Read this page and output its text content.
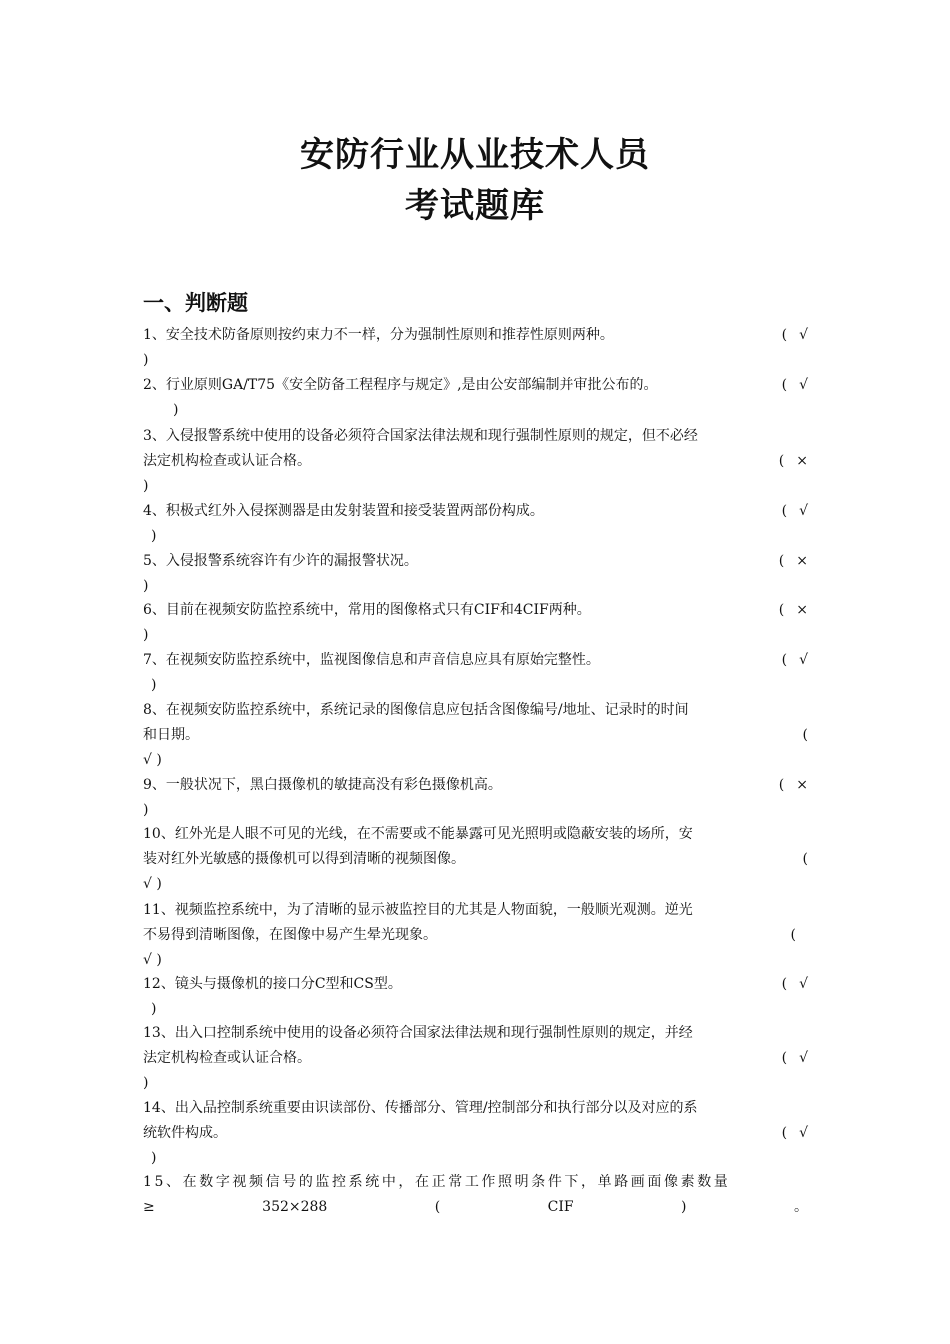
安防行业从业技术人员
考试题库
一、判断题
1、安全技术防备原则按约束力不一样，分为强制性原则和推荐性原则两种。	( √
)
2、行业原则GA/T75《安全防备工程程序与规定》,是由公安部编制并审批公布的。	( √
)
3、入侵报警系统中使用的设备必须符合国家法律法规和现行强制性原则的规定，但不必经
法定机构检查或认证合格。	( ×
)
4、积极式红外入侵探测器是由发射装置和接受装置两部份构成。	( √
)
5、入侵报警系统容许有少许的漏报警状况。	( ×
)
6、目前在视频安防监控系统中，常用的图像格式只有CIF和4CIF两种。	( ×
)
7、在视频安防监控系统中，监视图像信息和声音信息应具有原始完整性。	( √
)
8、在视频安防监控系统中，系统记录的图像信息应包括含图像编号/地址、记录时的时间
和日期。	(
√ )
9、一般状况下，黑白摄像机的敏捷高没有彩色摄像机高。	( ×
)
10、红外光是人眼不可见的光线，在不需要或不能暴露可见光照明或隐蔽安装的场所，安
装对红外光敏感的摄像机可以得到清晰的视频图像。	(
√ )
11、视频监控系统中，为了清晰的显示被监控目的尤其是人物面貌，一般顺光观测。逆光
不易得到清晰图像，在图像中易产生晕光现象。	(
√ )
12、镜头与摄像机的接口分C型和CS型。	( √
)
13、出入口控制系统中使用的设备必须符合国家法律法规和现行强制性原则的规定，并经
法定机构检查或认证合格。	( √
)
14、出入品控制系统重要由识读部份、传播部分、管理/控制部分和执行部分以及对应的系
统软件构成。	( √
)
15、在数字视频信号的监控系统中，在正常工作照明条件下，单路画面像素数量
≥	352×288	(	CIF	)	。
